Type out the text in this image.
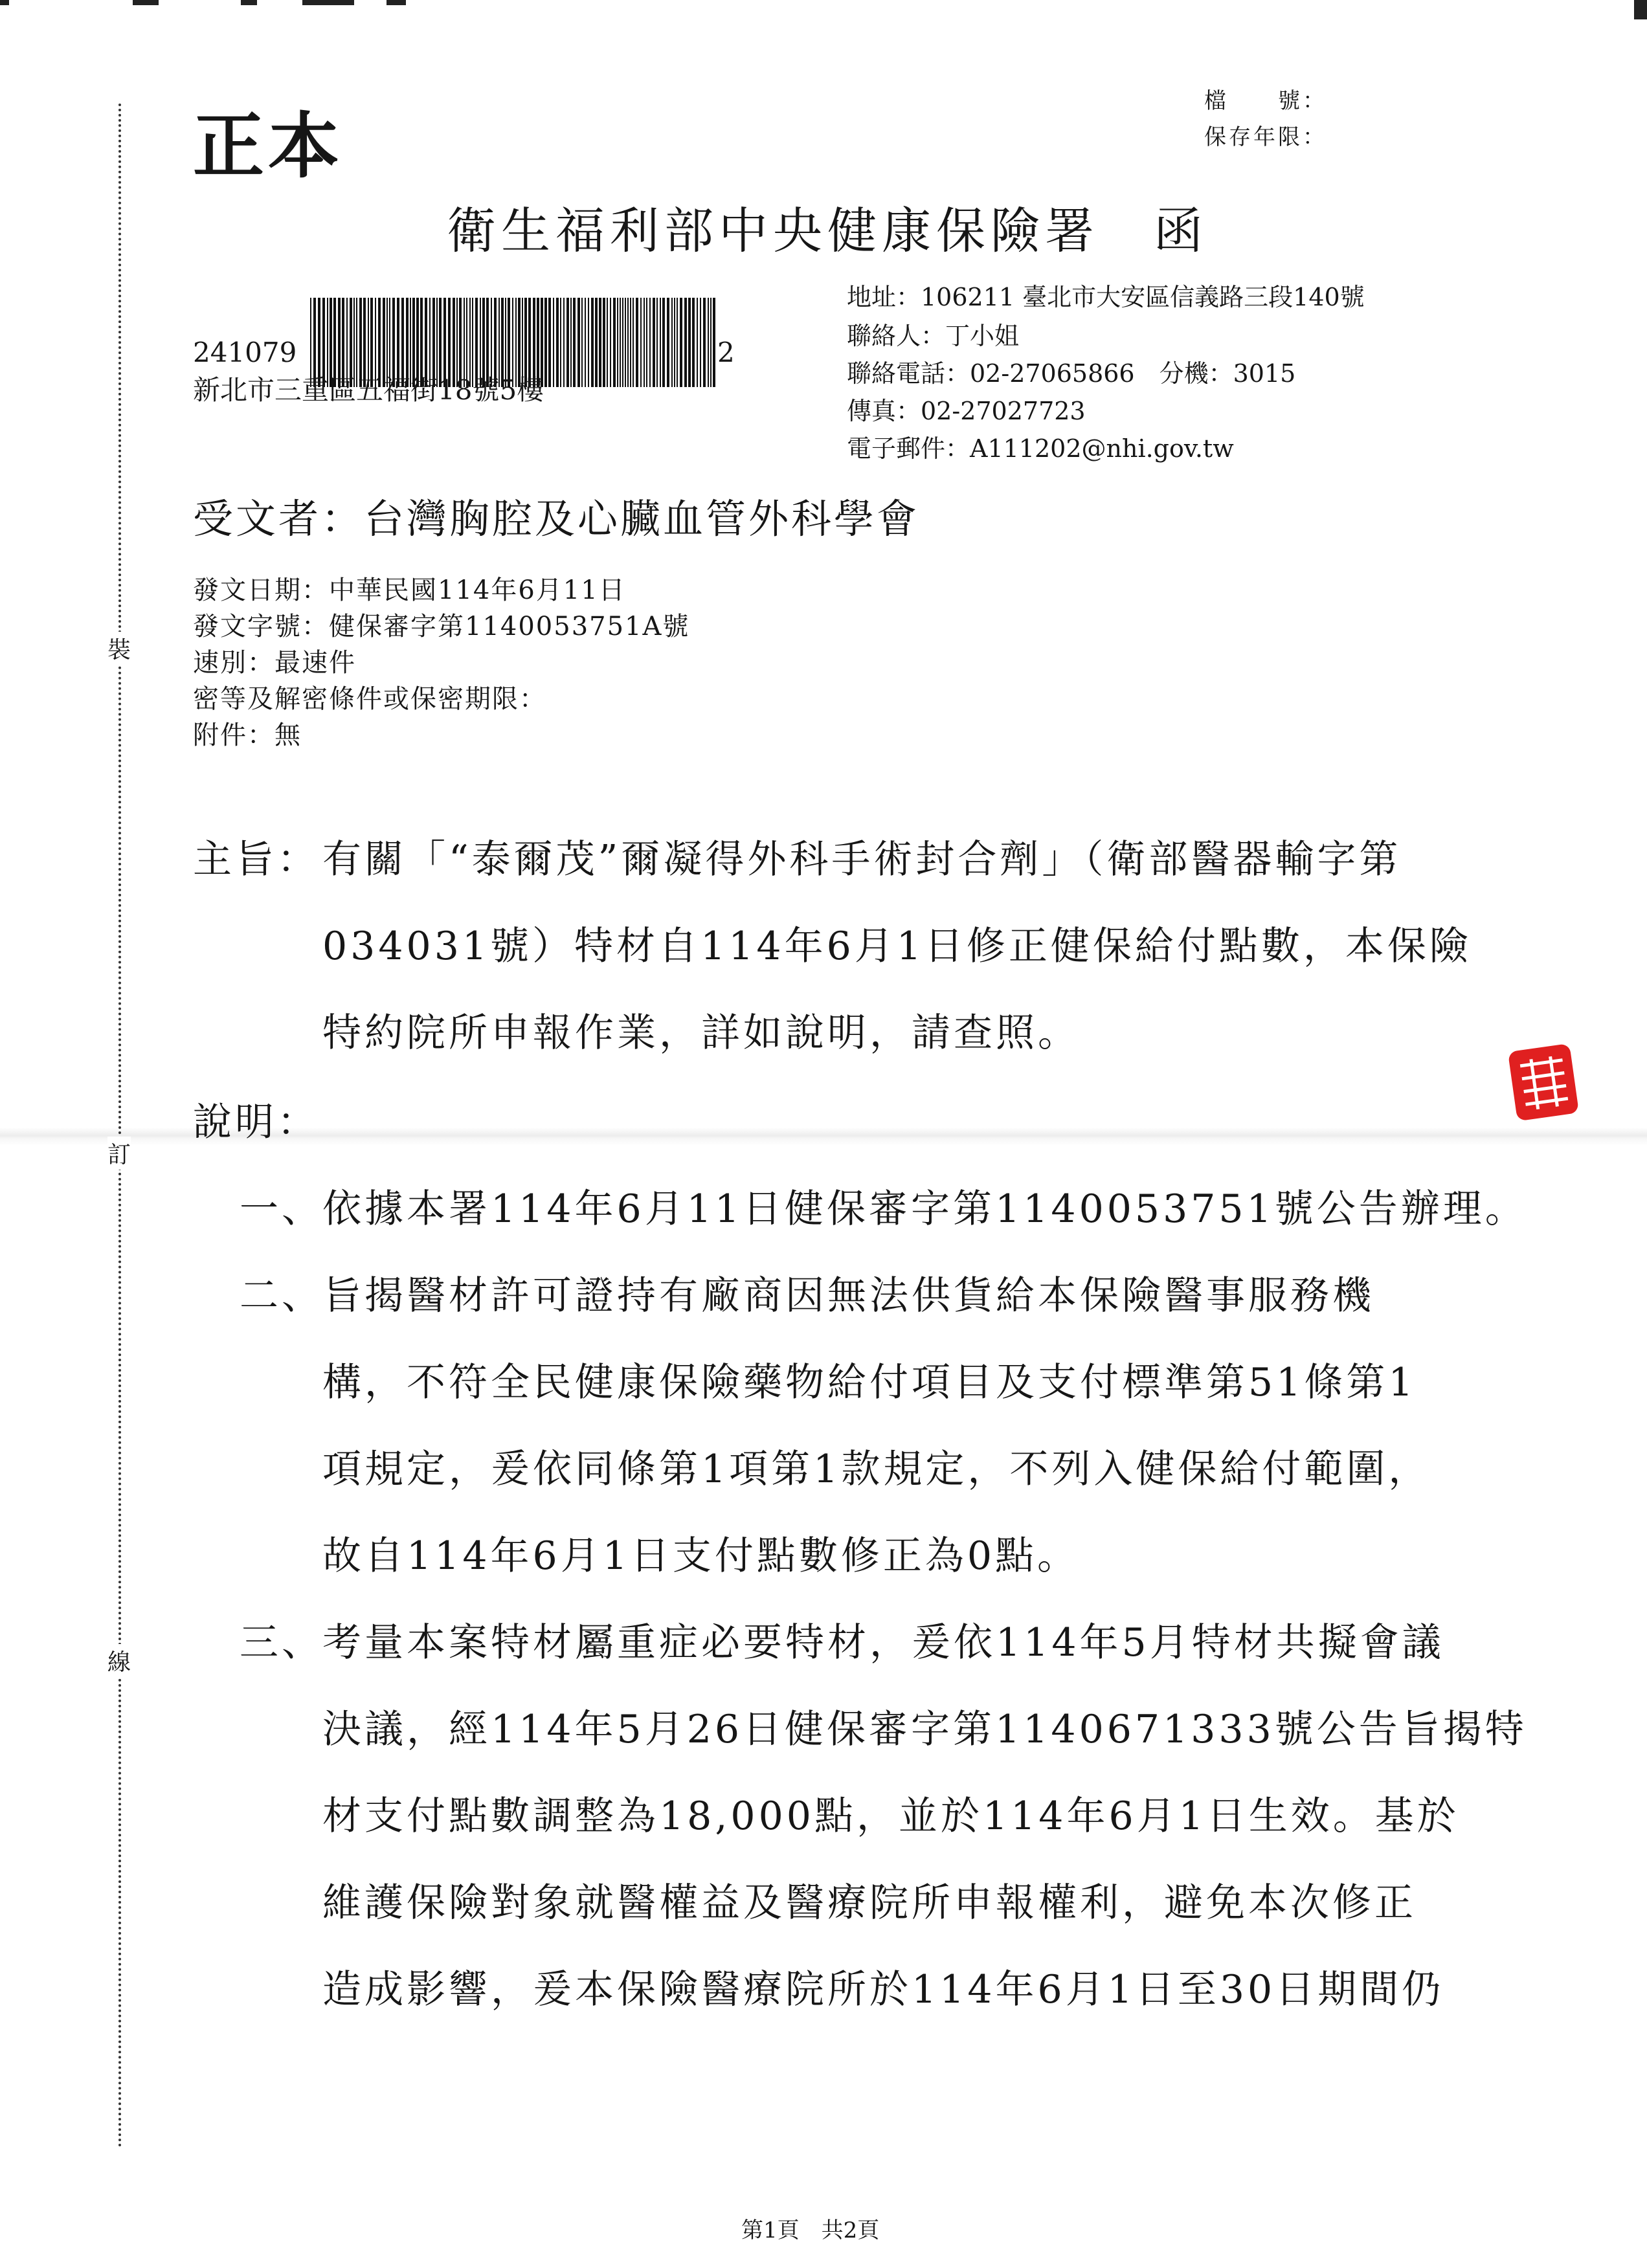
裝
訂
線
正本
檔　　號：
保存年限：
衛生福利部中央健康保險署　函
241079	2
新北市三重區五福街18號5樓
地址：106211 臺北市大安區信義路三段140號
聯絡人：丁小姐
聯絡電話：02-27065866　分機：3015
傳真：02-27027723
電子郵件：A111202@nhi.gov.tw
受文者：台灣胸腔及心臟血管外科學會
發文日期：中華民國114年6月11日
發文字號：健保審字第1140053751A號
速別：最速件
密等及解密條件或保密期限：
附件：無
主旨： 有關「“泰爾茂”爾凝得外科手術封合劑」（衛部醫器輸字第
034031號）特材自114年6月1日修正健保給付點數，本保險
特約院所申報作業，詳如說明，請查照。
說明：
一、
依據本署114年6月11日健保審字第1140053751號公告辦理。
二、
旨揭醫材許可證持有廠商因無法供貨給本保險醫事服務機
構，不符全民健康保險藥物給付項目及支付標準第51條第1
項規定，爰依同條第1項第1款規定，不列入健保給付範圍，
故自114年6月1日支付點數修正為0點。
三、
考量本案特材屬重症必要特材，爰依114年5月特材共擬會議
決議，經114年5月26日健保審字第1140671333號公告旨揭特
材支付點數調整為18,000點，並於114年6月1日生效。基於
維護保險對象就醫權益及醫療院所申報權利，避免本次修正
造成影響，爰本保險醫療院所於114年6月1日至30日期間仍
第1頁　共2頁
